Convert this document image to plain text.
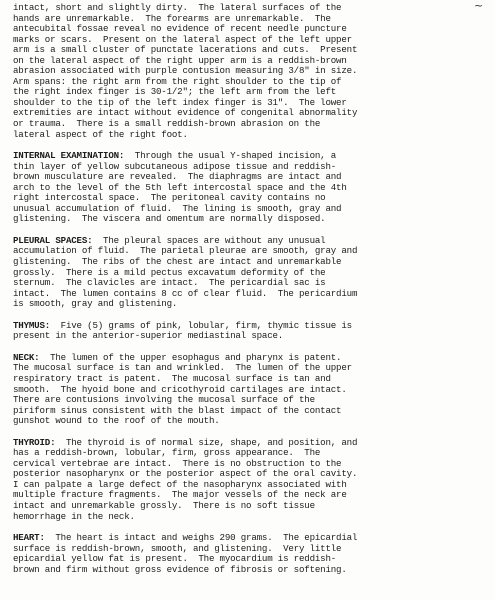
~
intact, short and slightly dirty.  The lateral surfaces of the
hands are unremarkable.  The forearms are unremarkable.  The
antecubital fossae reveal no evidence of recent needle puncture
marks or scars.  Present on the lateral aspect of the left upper
arm is a small cluster of punctate lacerations and cuts.  Present
on the lateral aspect of the right upper arm is a reddish-brown
abrasion associated with purple contusion measuring 3/8" in size.
Arm spans: the right arm from the right shoulder to the tip of
the right index finger is 30-1/2"; the left arm from the left
shoulder to the tip of the left index finger is 31".  The lower
extremities are intact without evidence of congenital abnormality
or trauma.  There is a small reddish-brown abrasion on the
lateral aspect of the right foot.
INTERNAL EXAMINATION:  Through the usual Y-shaped incision, a
thin layer of yellow subcutaneous adipose tissue and reddish-
brown musculature are revealed.  The diaphragms are intact and
arch to the level of the 5th left intercostal space and the 4th
right intercostal space.  The peritoneal cavity contains no
unusual accumulation of fluid.  The lining is smooth, gray and
glistening.  The viscera and omentum are normally disposed.
PLEURAL SPACES:  The pleural spaces are without any unusual
accumulation of fluid.  The parietal pleurae are smooth, gray and
glistening.  The ribs of the chest are intact and unremarkable
grossly.  There is a mild pectus excavatum deformity of the
sternum.  The clavicles are intact.  The pericardial sac is
intact.  The lumen contains 8 cc of clear fluid.  The pericardium
is smooth, gray and glistening.
THYMUS:  Five (5) grams of pink, lobular, firm, thymic tissue is
present in the anterior-superior mediastinal space.
NECK:  The lumen of the upper esophagus and pharynx is patent.
The mucosal surface is tan and wrinkled.  The lumen of the upper
respiratory tract is patent.  The mucosal surface is tan and
smooth.  The hyoid bone and cricothyroid cartilages are intact.
There are contusions involving the mucosal surface of the
piriform sinus consistent with the blast impact of the contact
gunshot wound to the roof of the mouth.
THYROID:  The thyroid is of normal size, shape, and position, and
has a reddish-brown, lobular, firm, gross appearance.  The
cervical vertebrae are intact.  There is no obstruction to the
posterior nasopharynx or the posterior aspect of the oral cavity.
I can palpate a large defect of the nasopharynx associated with
multiple fracture fragments.  The major vessels of the neck are
intact and unremarkable grossly.  There is no soft tissue
hemorrhage in the neck.
HEART:  The heart is intact and weighs 290 grams.  The epicardial
surface is reddish-brown, smooth, and glistening.  Very little
epicardial yellow fat is present.  The myocardium is reddish-
brown and firm without gross evidence of fibrosis or softening.
